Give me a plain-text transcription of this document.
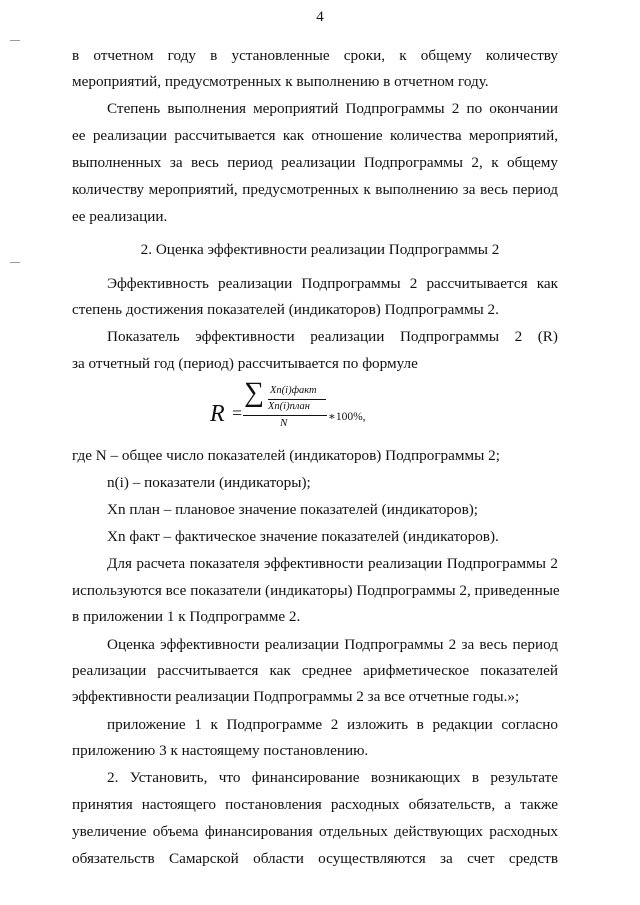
4
в отчетном году в установленные сроки, к общему количеству
мероприятий, предусмотренных к выполнению в отчетном году.
Степень выполнения мероприятий Подпрограммы 2 по окончании
ее реализации рассчитывается как отношение количества мероприятий,
выполненных за весь период реализации Подпрограммы 2, к общему
количеству мероприятий, предусмотренных к выполнению за весь период
ее реализации.
2. Оценка эффективности реализации Подпрограммы 2
Эффективность реализации Подпрограммы 2 рассчитывается как
степень достижения показателей (индикаторов) Подпрограммы 2.
Показатель эффективности реализации Подпрограммы 2 (R)
за отчетный год (период) рассчитывается по формуле
R =
∑ Xn(i)факт
Xn(i)план
N	∗100%,
где N – общее число показателей (индикаторов) Подпрограммы 2;
n(i) – показатели (индикаторы);
Хn план – плановое значение показателей (индикаторов);
Хn факт – фактическое значение показателей (индикаторов).
Для расчета показателя эффективности реализации Подпрограммы 2
используются все показатели (индикаторы) Подпрограммы 2, приведенные
в приложении 1 к Подпрограмме 2.
Оценка эффективности реализации Подпрограммы 2 за весь период
реализации рассчитывается как среднее арифметическое показателей
эффективности реализации Подпрограммы 2 за все отчетные годы.»;
приложение 1 к Подпрограмме 2 изложить в редакции согласно
приложению 3 к настоящему постановлению.
2. Установить, что финансирование возникающих в результате
принятия настоящего постановления расходных обязательств, а также
увеличение объема финансирования отдельных действующих расходных
обязательств Самарской области осуществляются за счет средств
